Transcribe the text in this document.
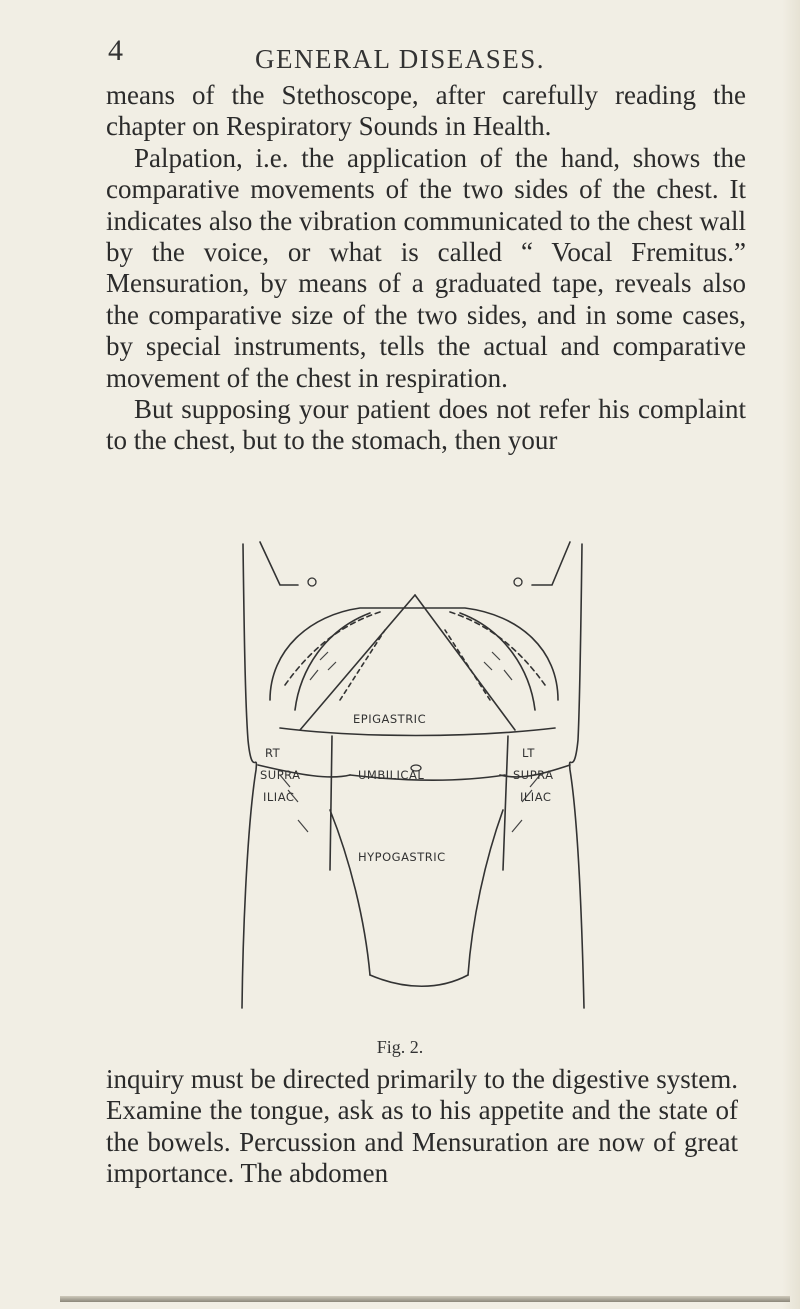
4	GENERAL DISEASES.

means of the Stethoscope, after carefully reading the chapter on Respiratory Sounds in Health.

Palpation, i.e. the application of the hand, shows the comparative movements of the two sides of the chest. It indicates also the vibration communicated to the chest wall by the voice, or what is called “ Vocal Fremitus.” Mensuration, by means of a graduated tape, reveals also the comparative size of the two sides, and in some cases, by special instruments, tells the actual and comparative movement of the chest in respiration.

But supposing your patient does not refer his complaint to the chest, but to the stomach, then your

EPIGASTRIC
RT
SUPRA
ILIAC
UMBILICAL
LT
SUPRA
ILIAC
HYPOGASTRIC
Fig. 2.

inquiry must be directed primarily to the digestive system. Examine the tongue, ask as to his appetite and the state of the bowels. Percussion and Mensuration are now of great importance. The abdomen
